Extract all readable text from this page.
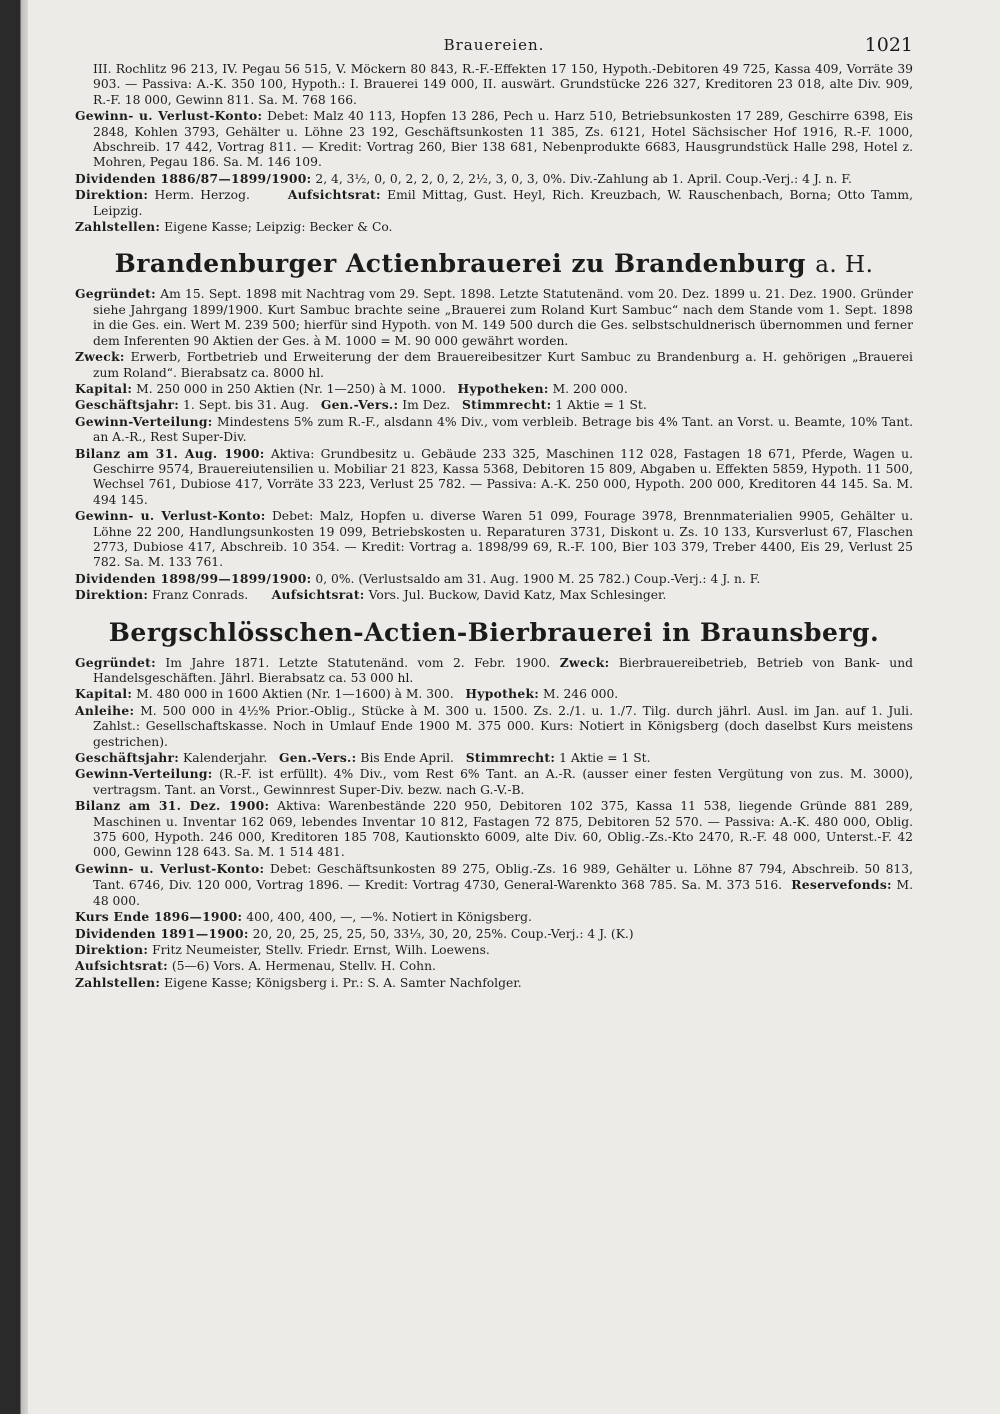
Brauereien.	1021

III. Rochlitz 96 213, IV. Pegau 56 515, V. Möckern 80 843, R.-F.-Effekten 17 150, Hypoth.-Debitoren 49 725, Kassa 409, Vorräte 39 903. — Passiva: A.-K. 350 100, Hypoth.: I. Brauerei 149 000, II. auswärt. Grundstücke 226 327, Kreditoren 23 018, alte Div. 909, R.-F. 18 000, Gewinn 811. Sa. M. 768 166.

Gewinn- u. Verlust-Konto: Debet: Malz 40 113, Hopfen 13 286, Pech u. Harz 510, Betriebsunkosten 17 289, Geschirre 6398, Eis 2848, Kohlen 3793, Gehälter u. Löhne 23 192, Geschäftsunkosten 11 385, Zs. 6121, Hotel Sächsischer Hof 1916, R.-F. 1000, Abschreib. 17 442, Vortrag 811. — Kredit: Vortrag 260, Bier 138 681, Nebenprodukte 6683, Hausgrundstück Halle 298, Hotel z. Mohren, Pegau 186. Sa. M. 146 109.

Dividenden 1886/87—1899/1900: 2, 4, 3½, 0, 0, 2, 2, 0, 2, 2½, 3, 0, 3, 0%. Div.-Zahlung ab 1. April. Coup.-Verj.: 4 J. n. F.

Direktion: Herm. Herzog.	Aufsichtsrat: Emil Mittag, Gust. Heyl, Rich. Kreuzbach, W. Rauschenbach, Borna; Otto Tamm, Leipzig.

Zahlstellen: Eigene Kasse; Leipzig: Becker & Co.

Brandenburger Actienbrauerei zu Brandenburg a. H.

Gegründet: Am 15. Sept. 1898 mit Nachtrag vom 29. Sept. 1898. Letzte Statutenänd. vom 20. Dez. 1899 u. 21. Dez. 1900. Gründer siehe Jahrgang 1899/1900. Kurt Sambuc brachte seine „Brauerei zum Roland Kurt Sambuc“ nach dem Stande vom 1. Sept. 1898 in die Ges. ein. Wert M. 239 500; hierfür sind Hypoth. von M. 149 500 durch die Ges. selbstschuldnerisch übernommen und ferner dem Inferenten 90 Aktien der Ges. à M. 1000 = M. 90 000 gewährt worden.

Zweck: Erwerb, Fortbetrieb und Erweiterung der dem Brauereibesitzer Kurt Sambuc zu Brandenburg a. H. gehörigen „Brauerei zum Roland“. Bierabsatz ca. 8000 hl.

Kapital: M. 250 000 in 250 Aktien (Nr. 1—250) à M. 1000. Hypotheken: M. 200 000.

Geschäftsjahr: 1. Sept. bis 31. Aug. Gen.-Vers.: Im Dez. Stimmrecht: 1 Aktie = 1 St.

Gewinn-Verteilung: Mindestens 5% zum R.-F., alsdann 4% Div., vom verbleib. Betrage bis 4% Tant. an Vorst. u. Beamte, 10% Tant. an A.-R., Rest Super-Div.

Bilanz am 31. Aug. 1900: Aktiva: Grundbesitz u. Gebäude 233 325, Maschinen 112 028, Fastagen 18 671, Pferde, Wagen u. Geschirre 9574, Brauereiutensilien u. Mobiliar 21 823, Kassa 5368, Debitoren 15 809, Abgaben u. Effekten 5859, Hypoth. 11 500, Wechsel 761, Dubiose 417, Vorräte 33 223, Verlust 25 782. — Passiva: A.-K. 250 000, Hypoth. 200 000, Kreditoren 44 145. Sa. M. 494 145.

Gewinn- u. Verlust-Konto: Debet: Malz, Hopfen u. diverse Waren 51 099, Fourage 3978, Brennmaterialien 9905, Gehälter u. Löhne 22 200, Handlungsunkosten 19 099, Betriebskosten u. Reparaturen 3731, Diskont u. Zs. 10 133, Kursverlust 67, Flaschen 2773, Dubiose 417, Abschreib. 10 354. — Kredit: Vortrag a. 1898/99 69, R.-F. 100, Bier 103 379, Treber 4400, Eis 29, Verlust 25 782. Sa. M. 133 761.

Dividenden 1898/99—1899/1900: 0, 0%. (Verlustsaldo am 31. Aug. 1900 M. 25 782.) Coup.-Verj.: 4 J. n. F.

Direktion: Franz Conrads. Aufsichtsrat: Vors. Jul. Buckow, David Katz, Max Schlesinger.

Bergschlösschen-Actien-Bierbrauerei in Braunsberg.

Gegründet: Im Jahre 1871. Letzte Statutenänd. vom 2. Febr. 1900. Zweck: Bierbrauereibetrieb, Betrieb von Bank- und Handelsgeschäften. Jährl. Bierabsatz ca. 53 000 hl.

Kapital: M. 480 000 in 1600 Aktien (Nr. 1—1600) à M. 300. Hypothek: M. 246 000.

Anleihe: M. 500 000 in 4½% Prior.-Oblig., Stücke à M. 300 u. 1500. Zs. 2./1. u. 1./7. Tilg. durch jährl. Ausl. im Jan. auf 1. Juli. Zahlst.: Gesellschaftskasse. Noch in Umlauf Ende 1900 M. 375 000. Kurs: Notiert in Königsberg (doch daselbst Kurs meistens gestrichen).

Geschäftsjahr: Kalenderjahr. Gen.-Vers.: Bis Ende April. Stimmrecht: 1 Aktie = 1 St.

Gewinn-Verteilung: (R.-F. ist erfüllt). 4% Div., vom Rest 6% Tant. an A.-R. (ausser einer festen Vergütung von zus. M. 3000), vertragsm. Tant. an Vorst., Gewinnrest Super-Div. bezw. nach G.-V.-B.

Bilanz am 31. Dez. 1900: Aktiva: Warenbestände 220 950, Debitoren 102 375, Kassa 11 538, liegende Gründe 881 289, Maschinen u. Inventar 162 069, lebendes Inventar 10 812, Fastagen 72 875, Debitoren 52 570. — Passiva: A.-K. 480 000, Oblig. 375 600, Hypoth. 246 000, Kreditoren 185 708, Kautionskto 6009, alte Div. 60, Oblig.-Zs.-Kto 2470, R.-F. 48 000, Unterst.-F. 42 000, Gewinn 128 643. Sa. M. 1 514 481.

Gewinn- u. Verlust-Konto: Debet: Geschäftsunkosten 89 275, Oblig.-Zs. 16 989, Gehälter u. Löhne 87 794, Abschreib. 50 813, Tant. 6746, Div. 120 000, Vortrag 1896. — Kredit: Vortrag 4730, General-Warenkto 368 785. Sa. M. 373 516. Reservefonds: M. 48 000.

Kurs Ende 1896—1900: 400, 400, 400, —, —%. Notiert in Königsberg.

Dividenden 1891—1900: 20, 20, 25, 25, 25, 50, 33⅓, 30, 20, 25%. Coup.-Verj.: 4 J. (K.)

Direktion: Fritz Neumeister, Stellv. Friedr. Ernst, Wilh. Loewens.

Aufsichtsrat: (5—6) Vors. A. Hermenau, Stellv. H. Cohn.

Zahlstellen: Eigene Kasse; Königsberg i. Pr.: S. A. Samter Nachfolger.
